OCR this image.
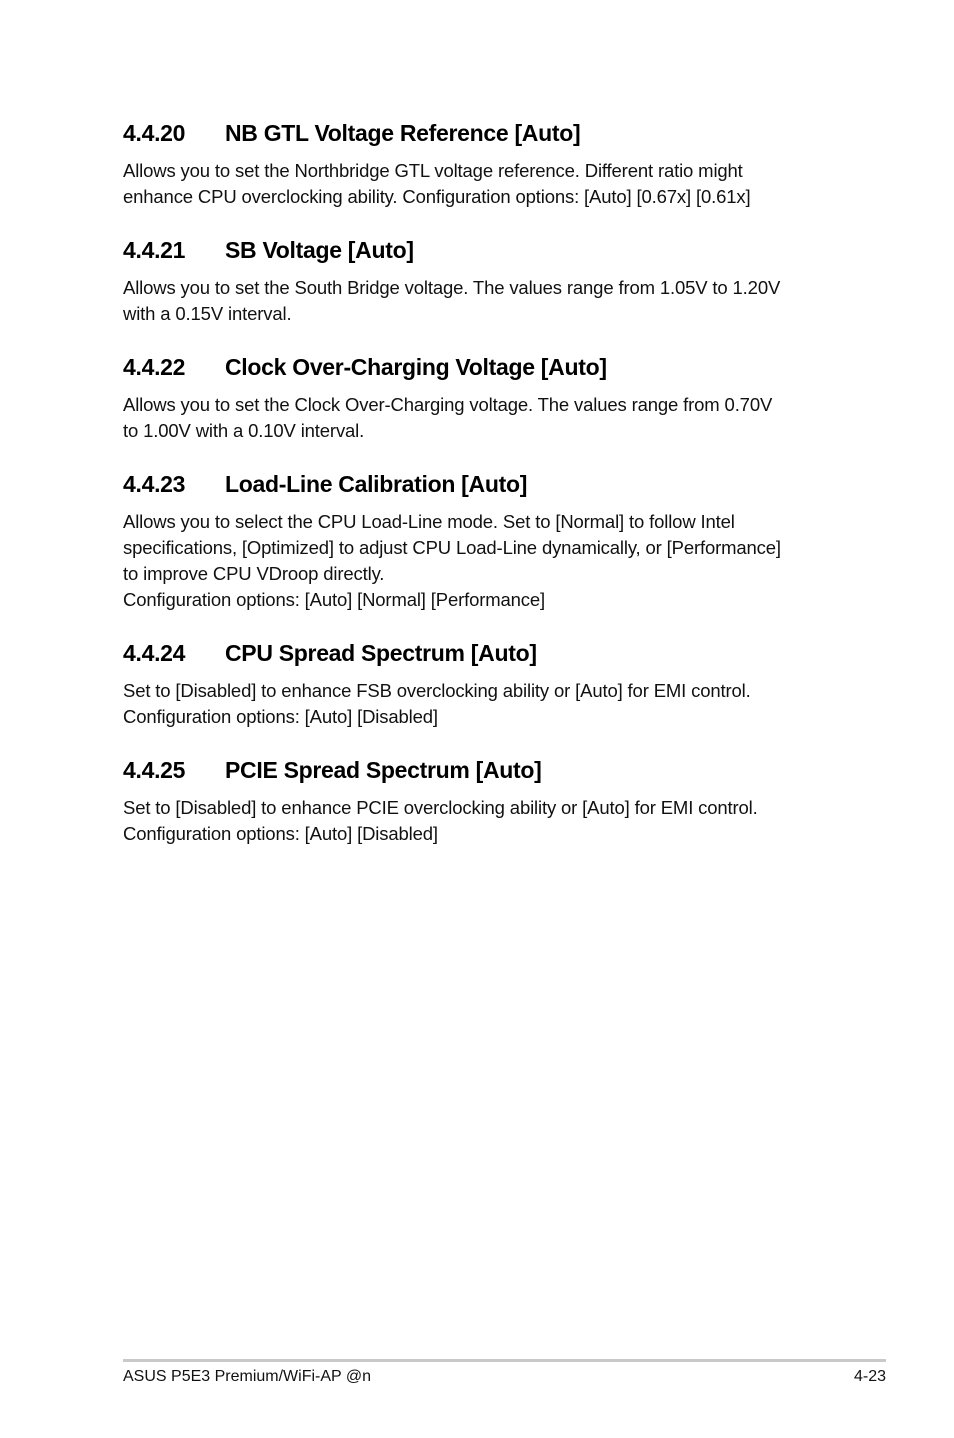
4.4.20	NB GTL Voltage Reference [Auto]

Allows you to set the Northbridge GTL voltage reference. Different ratio might
enhance CPU overclocking ability. Configuration options: [Auto] [0.67x] [0.61x]

4.4.21	SB Voltage [Auto]

Allows you to set the South Bridge voltage. The values range from 1.05V to 1.20V
with a 0.15V interval.

4.4.22	Clock Over-Charging Voltage [Auto]

Allows you to set the Clock Over-Charging voltage. The values range from 0.70V
to 1.00V with a 0.10V interval.

4.4.23	Load-Line Calibration [Auto]

Allows you to select the CPU Load-Line mode. Set to [Normal] to follow Intel
specifications, [Optimized] to adjust CPU Load-Line dynamically, or [Performance]
to improve CPU VDroop directly.
Configuration options: [Auto] [Normal] [Performance]

4.4.24	CPU Spread Spectrum [Auto]

Set to [Disabled] to enhance FSB overclocking ability or [Auto] for EMI control.
Configuration options: [Auto] [Disabled]

4.4.25	PCIE Spread Spectrum [Auto]

Set to [Disabled] to enhance PCIE overclocking ability or [Auto] for EMI control.
Configuration options: [Auto] [Disabled]

ASUS P5E3 Premium/WiFi-AP @n	4-23
